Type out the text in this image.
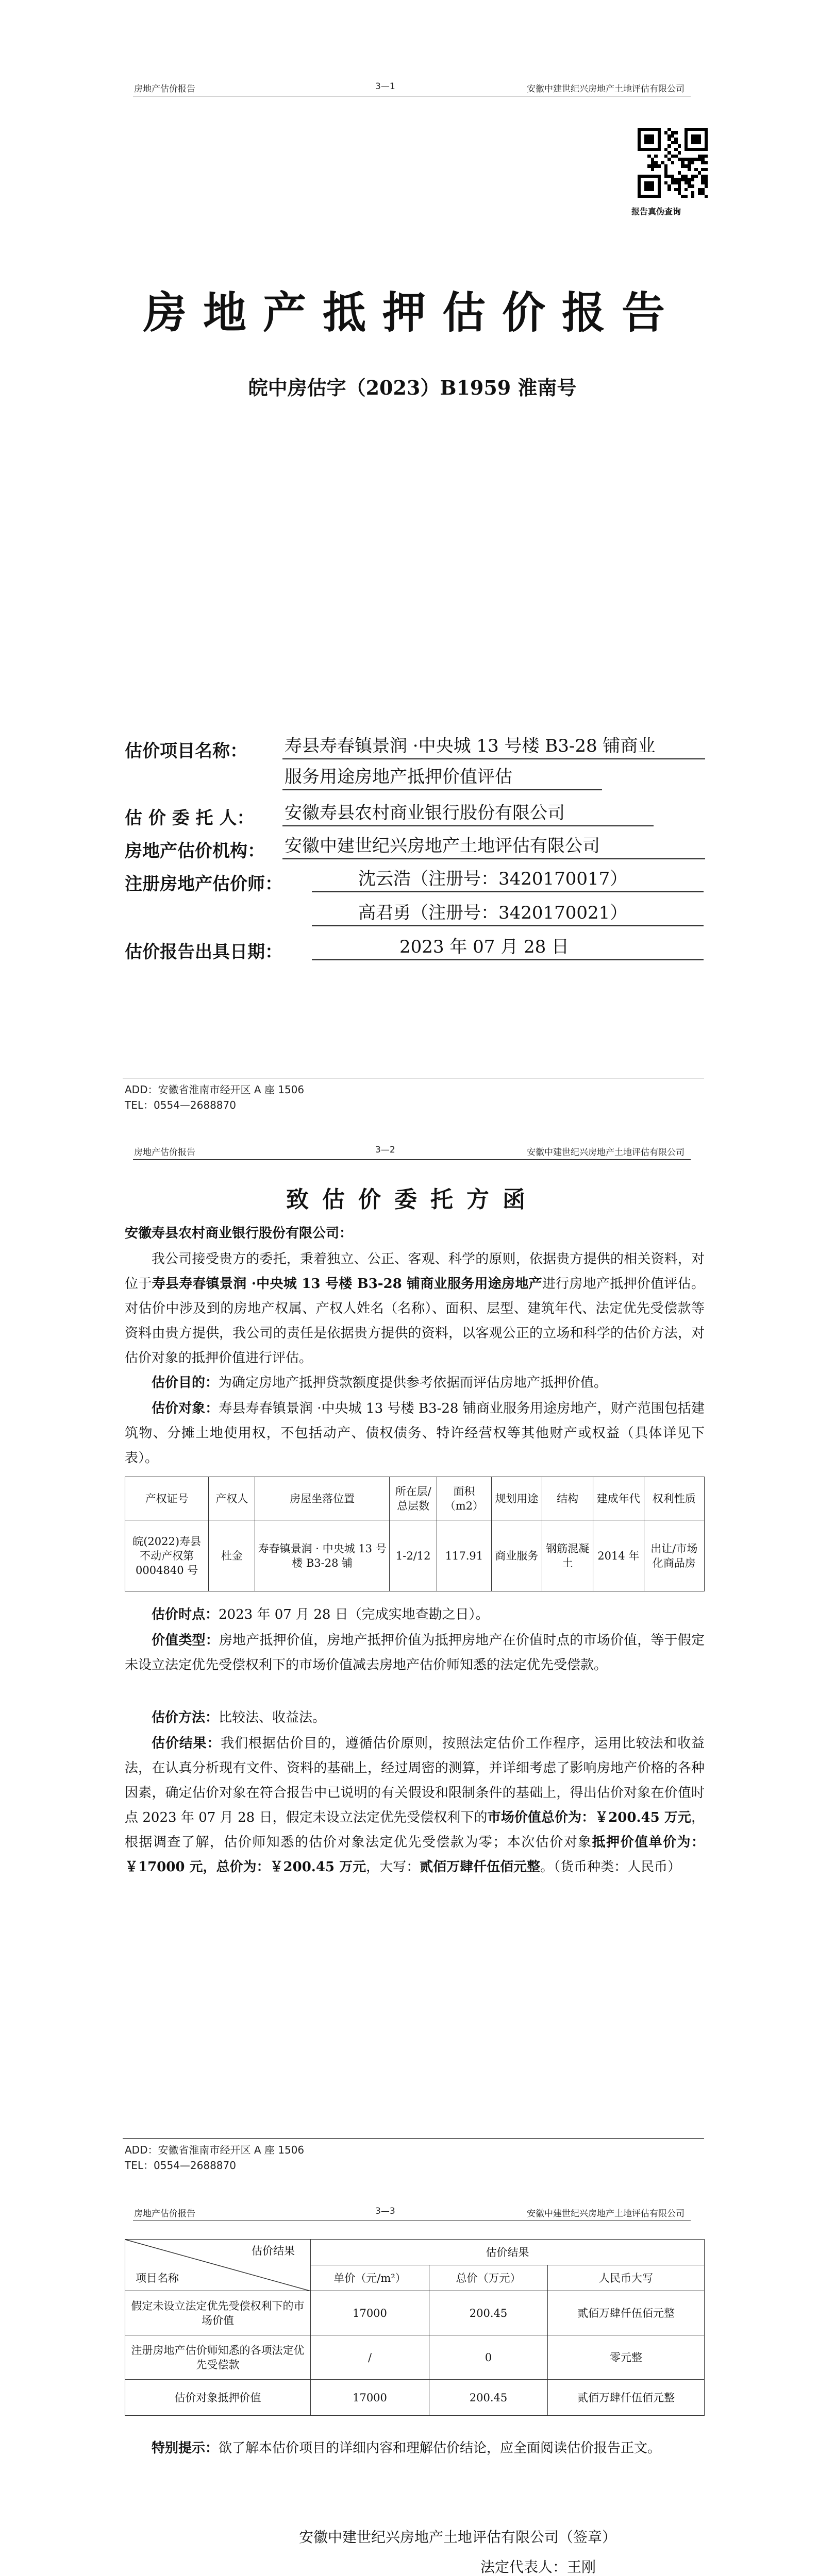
房地产估价报告	3—1	安徽中建世纪兴房地产土地评估有限公司
报告真伪查询
房地产抵押估价报告
皖中房估字（2023）B1959 淮南号
估价项目名称： 寿县寿春镇景润 ·中央城 13 号楼 B3-28 铺商业
服务用途房地产抵押价值评估
估 价 委 托 人： 安徽寿县农村商业银行股份有限公司
房地产估价机构： 安徽中建世纪兴房地产土地评估有限公司
注册房地产估价师：	沈云浩（注册号：3420170017）
高君勇（注册号：3420170021）
估价报告出具日期：	2023 年 07 月 28 日
ADD：安徽省淮南市经开区 A 座 1506
TEL：0554—2688870
房地产估价报告	3—2	安徽中建世纪兴房地产土地评估有限公司
致估价委托方函
安徽寿县农村商业银行股份有限公司：
我公司接受贵方的委托，秉着独立、公正、客观、科学的原则，依据贵方提供的相关资料，对位于寿县寿春镇景润 ·中央城 13 号楼 B3-28 铺商业服务用途房地产进行房地产抵押价值评估。对估价中涉及到的房地产权属、产权人姓名（名称）、面积、层型、建筑年代、法定优先受偿款等资料由贵方提供，我公司的责任是依据贵方提供的资料，以客观公正的立场和科学的估价方法，对估价对象的抵押价值进行评估。
估价目的：为确定房地产抵押贷款额度提供参考依据而评估房地产抵押价值。
估价对象：寿县寿春镇景润 ·中央城 13 号楼 B3-28 铺商业服务用途房地产，财产范围包括建筑物、分摊土地使用权，不包括动产、债权债务、特许经营权等其他财产或权益（具体详见下表）。
产权证号	产权人	房屋坐落位置	所在层/总层数	面积（m2）	规划用途	结构	建成年代	权利性质
皖(2022)寿县不动产权第 0004840 号	杜金	寿春镇景润 · 中央城 13 号楼 B3-28 铺	1-2/12	117.91	商业服务	钢筋混凝土	2014 年	出让/市场化商品房
估价时点：2023 年 07 月 28 日（完成实地查勘之日）。
价值类型：房地产抵押价值，房地产抵押价值为抵押房地产在价值时点的市场价值，等于假定未设立法定优先受偿权利下的市场价值减去房地产估价师知悉的法定优先受偿款。
估价方法：比较法、收益法。
估价结果：我们根据估价目的，遵循估价原则，按照法定估价工作程序，运用比较法和收益法，在认真分析现有文件、资料的基础上，经过周密的测算，并详细考虑了影响房地产价格的各种因素，确定估价对象在符合报告中已说明的有关假设和限制条件的基础上，得出估价对象在价值时点 2023 年 07 月 28 日，假定未设立法定优先受偿权利下的市场价值总价为：￥200.45 万元，根据调查了解，估价师知悉的估价对象法定优先受偿款为零；本次估价对象抵押价值单价为：￥17000 元，总价为：￥200.45 万元，大写：贰佰万肆仟伍佰元整。（货币种类：人民币）
ADD：安徽省淮南市经开区 A 座 1506
TEL：0554—2688870
房地产估价报告	3—3	安徽中建世纪兴房地产土地评估有限公司
估价结果
项目名称	估价结果		
	单价（元/m²）	总价（万元）	人民币大写
假定未设立法定优先受偿权利下的市场价值	17000	200.45	贰佰万肆仟伍佰元整
注册房地产估价师知悉的各项法定优先受偿款	/	0	零元整
估价对象抵押价值	17000	200.45	贰佰万肆仟伍佰元整
特别提示：欲了解本估价项目的详细内容和理解估价结论，应全面阅读估价报告正文。
安徽中建世纪兴房地产土地评估有限公司（签章）
法定代表人：王刚
